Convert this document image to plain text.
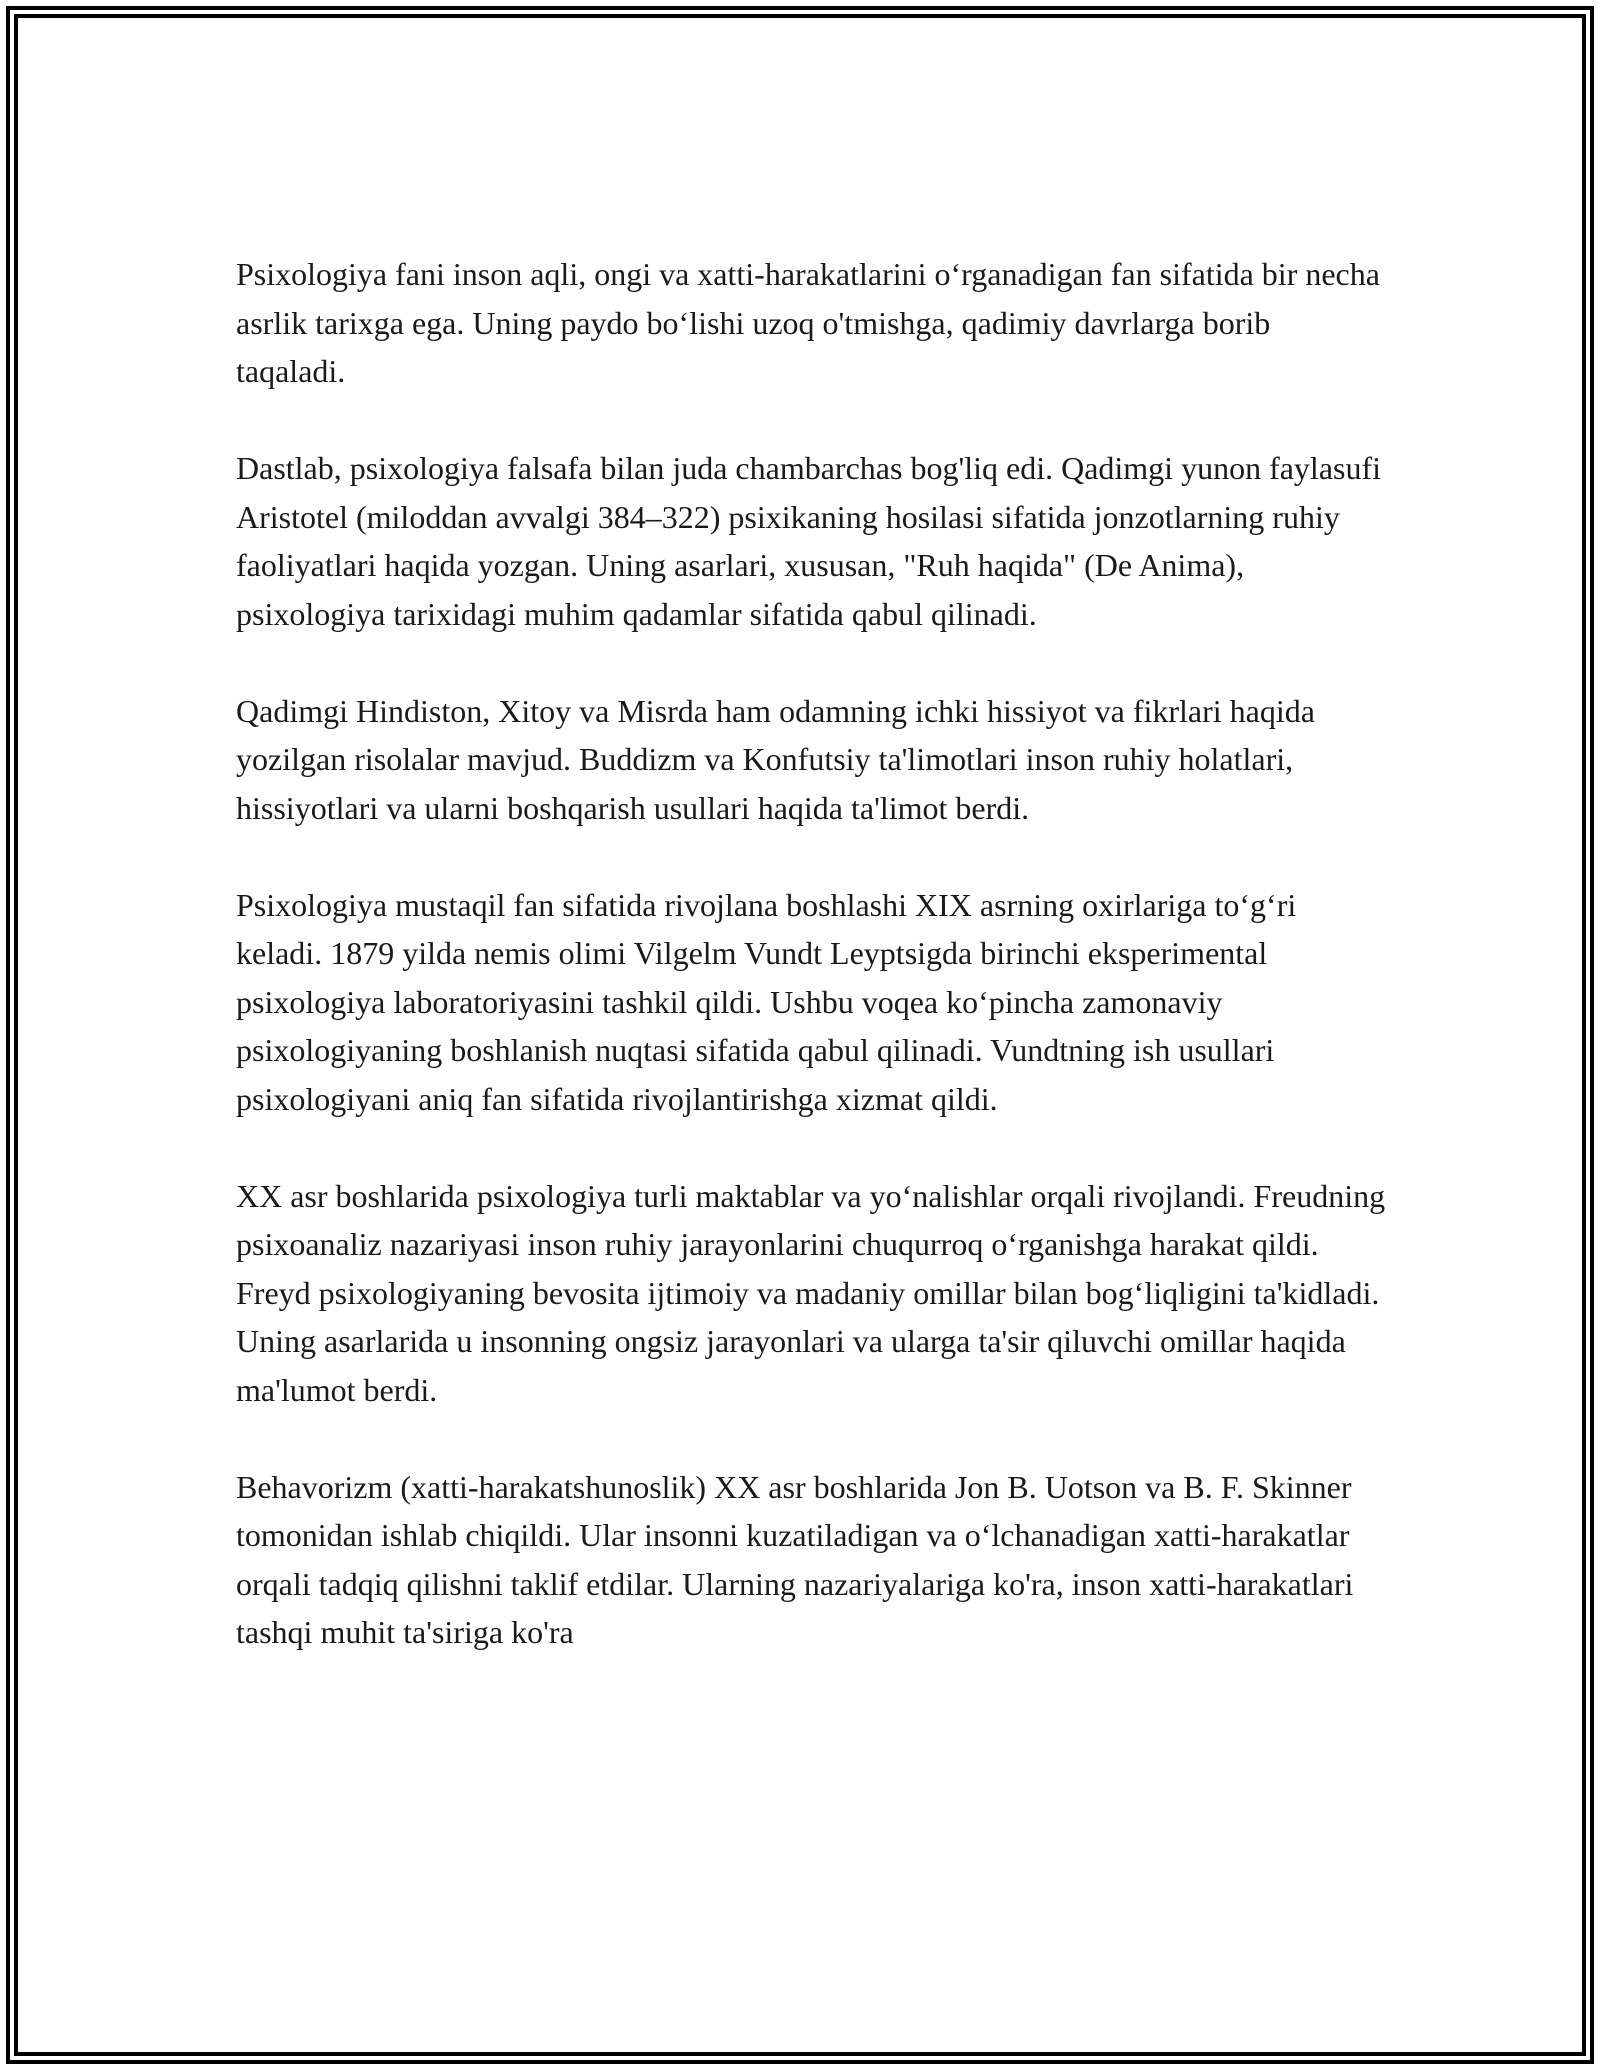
Psixologiya fani inson aqli, ongi va xatti-harakatlarini o‘rganadigan fan sifatida bir necha asrlik tarixga ega. Uning paydo bo‘lishi uzoq o'tmishga, qadimiy davrlarga borib taqaladi.

Dastlab, psixologiya falsafa bilan juda chambarchas bog'liq edi. Qadimgi yunon faylasufi Aristotel (miloddan avvalgi 384–322) psixikaning hosilasi sifatida jonzotlarning ruhiy faoliyatlari haqida yozgan. Uning asarlari, xususan, "Ruh haqida" (De Anima), psixologiya tarixidagi muhim qadamlar sifatida qabul qilinadi.

Qadimgi Hindiston, Xitoy va Misrda ham odamning ichki hissiyot va fikrlari haqida yozilgan risolalar mavjud. Buddizm va Konfutsiy ta'limotlari inson ruhiy holatlari, hissiyotlari va ularni boshqarish usullari haqida ta'limot berdi.

Psixologiya mustaqil fan sifatida rivojlana boshlashi XIX asrning oxirlariga to‘g‘ri keladi. 1879 yilda nemis olimi Vilgelm Vundt Leyptsigda birinchi eksperimental psixologiya laboratoriyasini tashkil qildi. Ushbu voqea ko‘pincha zamonaviy psixologiyaning boshlanish nuqtasi sifatida qabul qilinadi. Vundtning ish usullari psixologiyani aniq fan sifatida rivojlantirishga xizmat qildi.

XX asr boshlarida psixologiya turli maktablar va yo‘nalishlar orqali rivojlandi. Freudning psixoanaliz nazariyasi inson ruhiy jarayonlarini chuqurroq o‘rganishga harakat qildi. Freyd psixologiyaning bevosita ijtimoiy va madaniy omillar bilan bog‘liqligini ta'kidladi. Uning asarlarida u insonning ongsiz jarayonlari va ularga ta'sir qiluvchi omillar haqida ma'lumot berdi.

Behavorizm (xatti-harakatshunoslik) XX asr boshlarida Jon B. Uotson va B. F. Skinner tomonidan ishlab chiqildi. Ular insonni kuzatiladigan va o‘lchanadigan xatti-harakatlar orqali tadqiq qilishni taklif etdilar. Ularning nazariyalariga ko'ra, inson xatti-harakatlari tashqi muhit ta'siriga ko'ra
